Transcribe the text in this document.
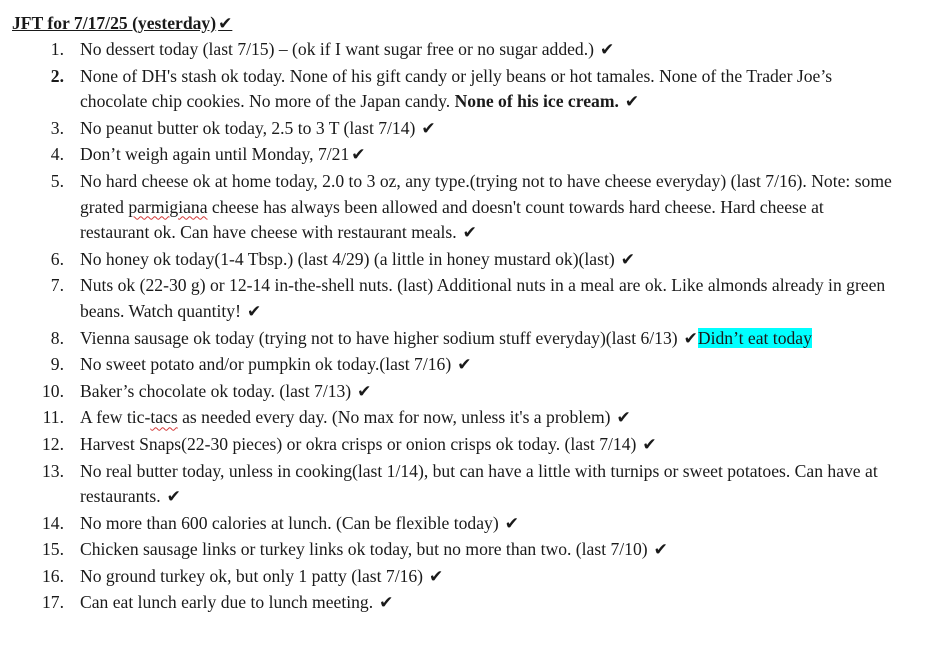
JFT for 7/17/25 (yesterday) ✔

1. No dessert today (last 7/15) – (ok if I want sugar free or no sugar added.) ✔
2. None of DH's stash ok today. None of his gift candy or jelly beans or hot tamales. None of the Trader Joe’s chocolate chip cookies. No more of the Japan candy. None of his ice cream. ✔
3. No peanut butter ok today, 2.5 to 3 T (last 7/14) ✔
4. Don’t weigh again until Monday, 7/21 ✔
5. No hard cheese ok at home today, 2.0 to 3 oz, any type.(trying not to have cheese everyday) (last 7/16). Note: some grated parmigiana cheese has always been allowed and doesn't count towards hard cheese. Hard cheese at restaurant ok. Can have cheese with restaurant meals. ✔
6. No honey ok today(1-4 Tbsp.) (last 4/29) (a little in honey mustard ok)(last) ✔
7. Nuts ok (22-30 g) or 12-14 in-the-shell nuts. (last) Additional nuts in a meal are ok. Like almonds already in green beans. Watch quantity! ✔
8. Vienna sausage ok today (trying not to have higher sodium stuff everyday)(last 6/13) ✔Didn’t eat today
9. No sweet potato and/or pumpkin ok today.(last 7/16) ✔
10. Baker’s chocolate ok today. (last 7/13) ✔
11. A few tic-tacs as needed every day. (No max for now, unless it's a problem) ✔
12. Harvest Snaps(22-30 pieces) or okra crisps or onion crisps ok today. (last 7/14) ✔
13. No real butter today, unless in cooking(last 1/14), but can have a little with turnips or sweet potatoes. Can have at restaurants. ✔
14. No more than 600 calories at lunch. (Can be flexible today) ✔
15. Chicken sausage links or turkey links ok today, but no more than two. (last 7/10) ✔
16. No ground turkey ok, but only 1 patty (last 7/16) ✔
17. Can eat lunch early due to lunch meeting. ✔
